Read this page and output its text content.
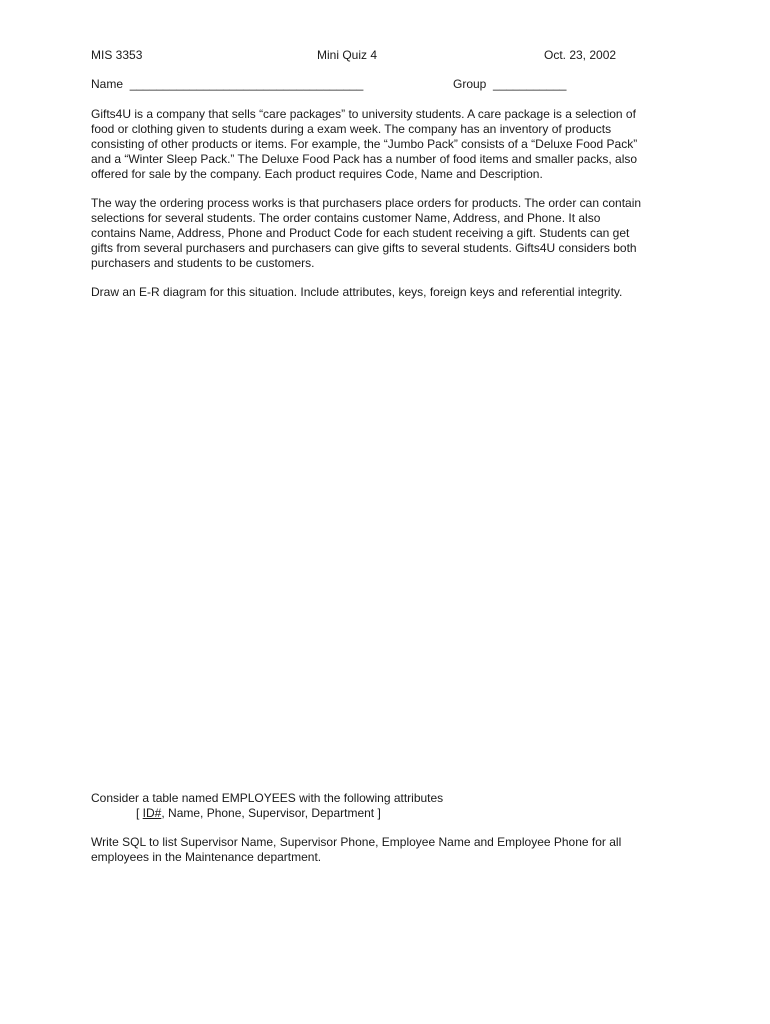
MIS 3353	Mini Quiz 4	Oct. 23, 2002
Name ___________________________________	Group ___________
Gifts4U is a company that sells “care packages” to university students. A care package is a selection of
food or clothing given to students during a exam week. The company has an inventory of products
consisting of other products or items. For example, the “Jumbo Pack” consists of a “Deluxe Food Pack”
and a “Winter Sleep Pack.” The Deluxe Food Pack has a number of food items and smaller packs, also
offered for sale by the company. Each product requires Code, Name and Description.
The way the ordering process works is that purchasers place orders for products. The order can contain
selections for several students. The order contains customer Name, Address, and Phone. It also
contains Name, Address, Phone and Product Code for each student receiving a gift. Students can get
gifts from several purchasers and purchasers can give gifts to several students. Gifts4U considers both
purchasers and students to be customers.
Draw an E-R diagram for this situation. Include attributes, keys, foreign keys and referential integrity.
Consider a table named EMPLOYEES with the following attributes
[ ID#, Name, Phone, Supervisor, Department ]
Write SQL to list Supervisor Name, Supervisor Phone, Employee Name and Employee Phone for all
employees in the Maintenance department.
